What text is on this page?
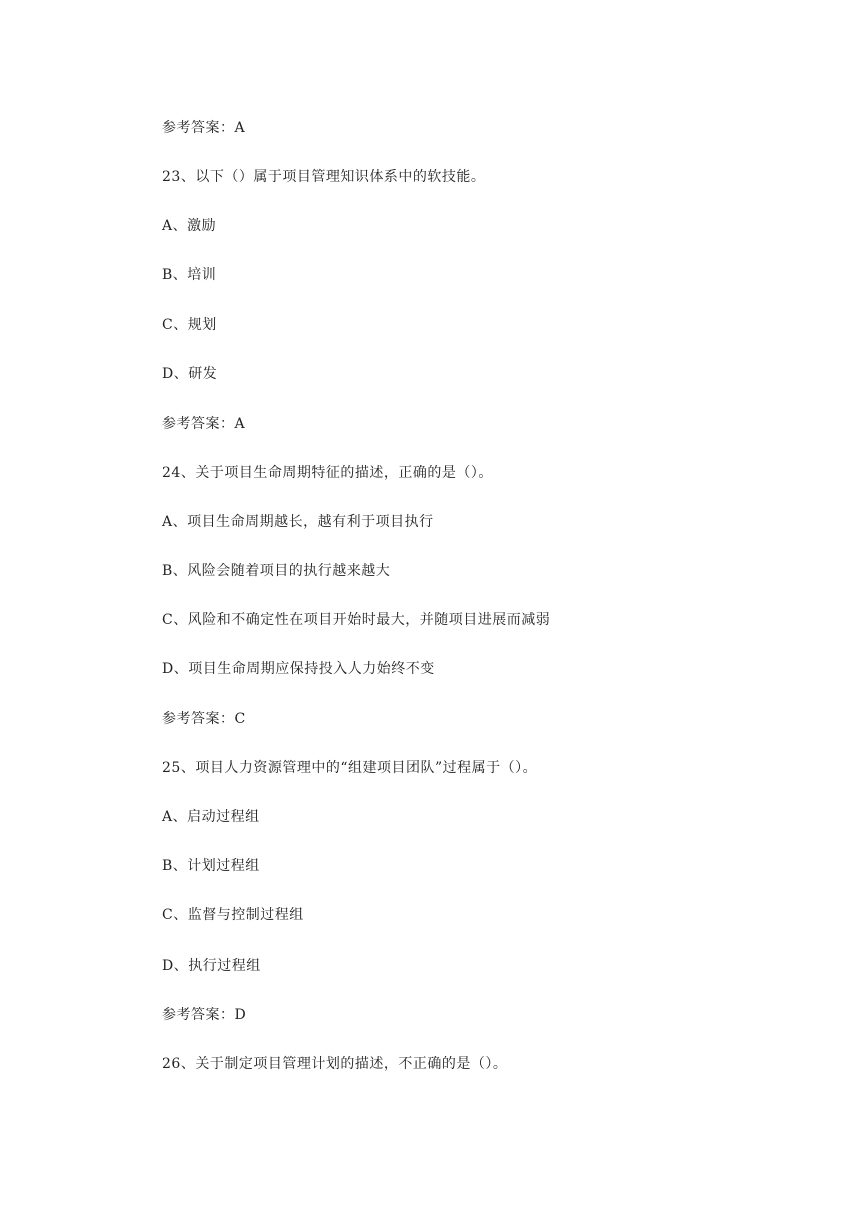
参考答案：A
23、以下（）属于项目管理知识体系中的软技能。
A、激励
B、培训
C、规划
D、研发
参考答案：A
24、关于项目生命周期特征的描述，正确的是（）。
A、项目生命周期越长，越有利于项目执行
B、风险会随着项目的执行越来越大
C、风险和不确定性在项目开始时最大，并随项目进展而减弱
D、项目生命周期应保持投入人力始终不变
参考答案：C
25、项目人力资源管理中的“组建项目团队”过程属于（）。
A、启动过程组
B、计划过程组
C、监督与控制过程组
D、执行过程组
参考答案：D
26、关于制定项目管理计划的描述，不正确的是（）。
